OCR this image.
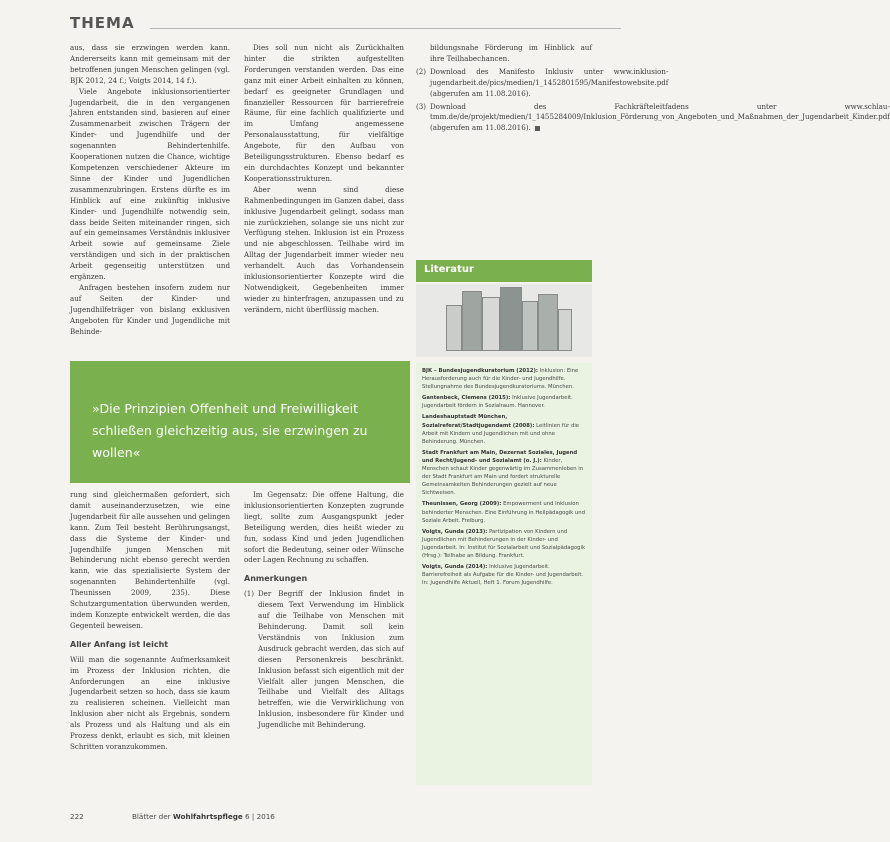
THEMA

aus, dass sie erzwingen werden kann. Andererseits kann mit gemeinsam mit der betroffenen jungen Menschen gelingen (vgl. BJK 2012, 24 f.; Voigts 2014, 14 f.).

Viele Angebote inklusionsorientierter Jugendarbeit, die in den vergangenen Jahren entstanden sind, basieren auf einer Zusammenarbeit zwischen Trägern der Kinder- und Jugendhilfe und der sogenannten Behindertenhilfe. Kooperationen nutzen die Chance, wichtige Kompetenzen verschiedener Akteure im Sinne der Kinder und Jugendlichen zusammenzubringen. Erstens dürfte es im Hinblick auf eine zukünftig inklusive Kinder- und Jugendhilfe notwendig sein, dass beide Seiten miteinander ringen, sich auf ein gemeinsames Verständnis inklusiver Arbeit sowie auf gemeinsame Ziele verständigen und sich in der praktischen Arbeit gegenseitig unterstützen und ergänzen.

Anfragen bestehen insofern zudem nur auf Seiten der Kinder- und Jugendhilfeträger von bislang exklusiven Angeboten für Kinder und Jugendliche mit Behinde-

Dies soll nun nicht als Zurückhalten hinter die strikten aufgestellten Forderungen verstanden werden. Das eine ganz mit einer Arbeit einhalten zu können, bedarf es geeigneter Grundlagen und finanzieller Ressourcen für barrierefreie Räume, für eine fachlich qualifizierte und im Umfang angemessene Personalausstattung, für vielfältige Angebote, für den Aufbau von Beteiligungsstrukturen. Ebenso bedarf es ein durchdachtes Konzept und bekannter Kooperationsstrukturen.

Aber wenn sind diese Rahmenbedingungen im Ganzen dabei, dass inklusive Jugendarbeit gelingt, sodass man nie zurückziehen, solange sie uns nicht zur Verfügung stehen. Inklusion ist ein Prozess und nie abgeschlossen. Teilhabe wird im Alltag der Jugendarbeit immer wieder neu verhandelt. Auch das Vorhandensein inklusionsorientierter Konzepte wird die Notwendigkeit, Gegebenheiten immer wieder zu hinterfragen, anzupassen und zu verändern, nicht überflüssig machen.

bildungsnahe Förderung im Hinblick auf ihre Teilhabechancen.
(2) Download des Manifesto Inklusiv unter www.inklusion-jugendarbeit.de/pics/medien/1_1452801595/Manifestowebsite.pdf (abgerufen am 11.08.2016).
(3) Download des Fachkräfteleitfadens unter www.schlau-tmm.de/de/projekt/medien/1_1455284009/Inklusion_Förderung_von_Angeboten_und_Maßnahmen_der_Jugendarbeit_Kinder.pdf (abgerufen am 11.08.2016).
Literatur
BJK – Bundesjugendkuratorium (2012): Inklusion: Eine Herausforderung auch für die Kinder- und Jugendhilfe. Stellungnahme des Bundesjugendkuratoriums. München.
Gantenbeck, Clemens (2015): Inklusive Jugendarbeit. Jugendarbeit fördern in Sozialraum. Hannover.
Landeshauptstadt München, Sozialreferat/Stadtjugendamt (2008): Leitlinien für die Arbeit mit Kindern und Jugendlichen mit und ohne Behinderung. München.
Stadt Frankfurt am Main, Dezernat Soziales, Jugend und Recht/Jugend- und Sozialamt (o. J.): Kinder, Menschen schaut Kinder gegenwärtig im Zusammenleben in der Stadt Frankfurt am Main und fordert strukturelle Gemeinsamkeiten Behinderungen gezielt auf neue Sichtweisen.
Theunissen, Georg (2009): Empowerment und Inklusion behinderter Menschen. Eine Einführung in Heilpädagogik und Soziale Arbeit. Freiburg.
Voigts, Gunda (2013): Partizipation von Kindern und Jugendlichen mit Behinderungen in der Kinder- und Jugendarbeit. In: Institut für Sozialarbeit und Sozialpädagogik (Hrsg.): Teilhabe an Bildung. Frankfurt.
Voigts, Gunda (2014): Inklusive Jugendarbeit. Barrierefreiheit als Aufgabe für die Kinder- und Jugendarbeit. In: Jugendhilfe Aktuell, Heft 1. Forum Jugendhilfe.
»Die Prinzipien Offenheit und Freiwilligkeit schließen gleichzeitig aus, sie erzwingen zu wollen«

rung sind gleichermaßen gefordert, sich damit auseinanderzusetzen, wie eine Jugendarbeit für alle aussehen und gelingen kann. Zum Teil besteht Berührungsangst, dass die Systeme der Kinder- und Jugendhilfe jungen Menschen mit Behinderung nicht ebenso gerecht werden kann, wie das spezialisierte System der sogenannten Behindertenhilfe (vgl. Theunissen 2009, 235). Diese Schutzargumentation überwunden werden, indem Konzepte entwickelt werden, die das Gegenteil beweisen.

Aller Anfang ist leicht

Will man die sogenannte Aufmerksamkeit im Prozess der Inklusion richten, die Anforderungen an eine inklusive Jugendarbeit setzen so hoch, dass sie kaum zu realisieren scheinen. Vielleicht man Inklusion aber nicht als Ergebnis, sondern als Prozess und als Haltung und als ein Prozess denkt, erlaubt es sich, mit kleinen Schritten voranzukommen.

Im Gegensatz: Die offene Haltung, die inklusionsorientierten Konzepten zugrunde liegt, sollte zum Ausgangspunkt jeder Beteiligung werden, dies heißt wieder zu fun, sodass Kind und jeden Jugendlichen sofort die Bedeutung, seiner oder Wünsche oder Lagen Rechnung zu schaffen.

Anmerkungen
(1) Der Begriff der Inklusion findet in diesem Text Verwendung im Hinblick auf die Teilhabe von Menschen mit Behinderung. Damit soll kein Verständnis von Inklusion zum Ausdruck gebracht werden, das sich auf diesen Personenkreis beschränkt. Inklusion befasst sich eigentlich mit der Vielfalt aller jungen Menschen, die Teilhabe und Vielfalt des Alltags betreffen, wie die Verwirklichung von Inklusion, insbesondere für Kinder und Jugendliche mit Behinderung.
222	Blätter der Wohlfahrtspflege 6 | 2016
